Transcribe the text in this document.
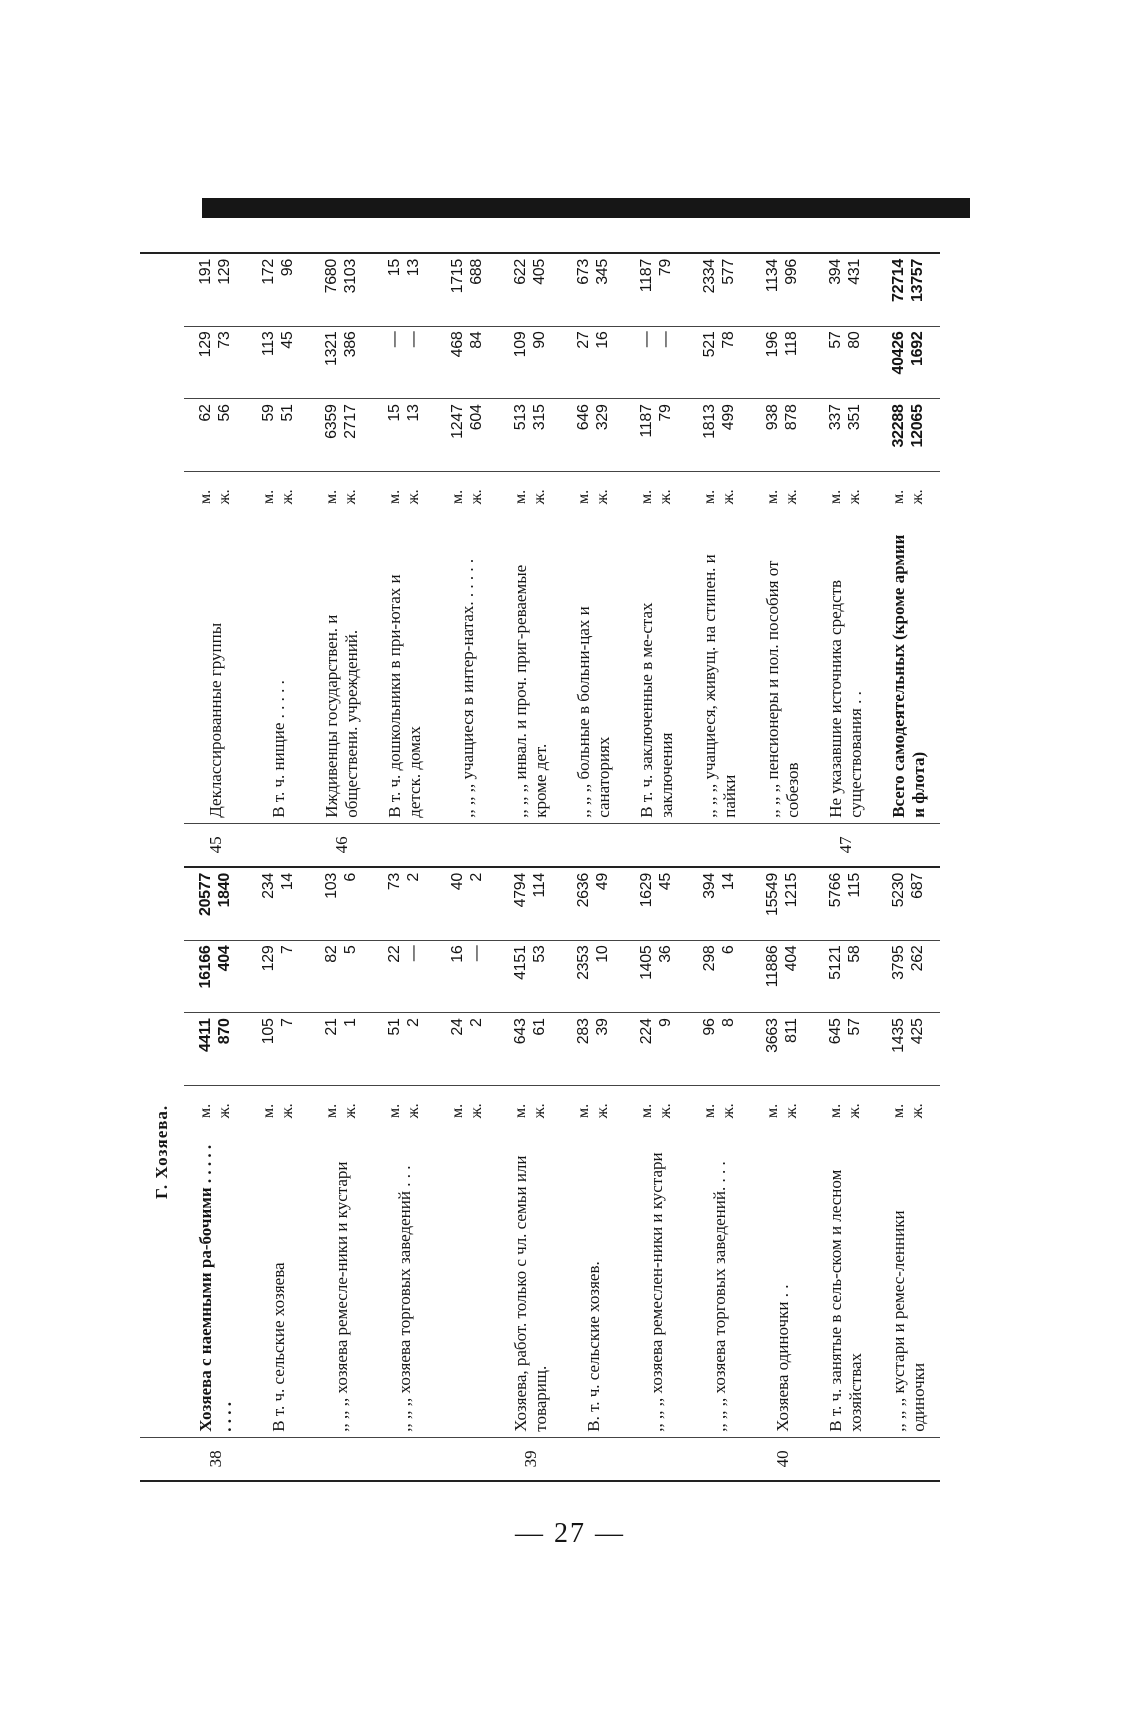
	Г. Хозяева.										
38	Хозяева с наемными ра-бочими . . . . . . . . .	м. ж.	4411 870	16166 404	20577 1840	45	Деклассированные группы	м. ж.	62 56	129 73	191 129

	В т. ч. сельские хозяева	м. ж.	105 7	129 7	234 14		В т. ч. нищие . . . . .	м. ж.	59 51	113 45	172 96

	,, ,, ,, хозяева ремесле-ники и кустари	м. ж.	21 1	82 5	103 6	46	Иждивенцы государствен. и обществени. учреждений.	м. ж.	6359 2717	1321 386	7680 3103

	,, ,, ,, хозяева торговых заведений . . .	м. ж.	51 2	22 —	73 2		В т. ч. дошкольники в при-ютах и детск. домах	м. ж.	15 13	— —	15 13

		м. ж.	24 2	16 —	40 2		,, ,, ,, учащиеся в интер-натах. . . . . .	м. ж.	1247 604	468 84	1715 688

39	Хозяева, работ. только с чл. семьи или товарищ.	м. ж.	643 61	4151 53	4794 114		,, ,, ,, инвал. и проч. приг-реваемые кроме дет.	м. ж.	513 315	109 90	622 405

	В. т. ч. сельские хозяев.	м. ж.	283 39	2353 10	2636 49		,, ,, ,, больные в больни-цах и санаториях	м. ж.	646 329	27 16	673 345

	,, ,, ,, хозяева ремеслен-ники и кустари	м. ж.	224 9	1405 36	1629 45		В т. ч. заключенные в ме-стах заключения	м. ж.	1187 79	— —	1187 79

	,, ,, ,, хозяева торговых заведений. . . .	м. ж.	96 8	298 6	394 14		,, ,, ,, учащиеся, живущ. на стипен. и пайки	м. ж.	1813 499	521 78	2334 577

40	Хозяева одиночки . .	м. ж.	3663 811	11886 404	15549 1215		,, ,, ,, пенсионеры и пол. пособия от собезов	м. ж.	938 878	196 118	1134 996

	В т. ч. занятые в сель-ском и лесном хозяйствах	м. ж.	645 57	5121 58	5766 115	47	Не указавшие источника средств существования . .	м. ж.	337 351	57 80	394 431

	,, ,, ,, кустари и ремес-ленники одиночки	м. ж.	1435 425	3795 262	5230 687		Всего самодеятельных (кроме армии и флота)	м. ж.	32288 12065	40426 1692	72714 13757
— 27 —
